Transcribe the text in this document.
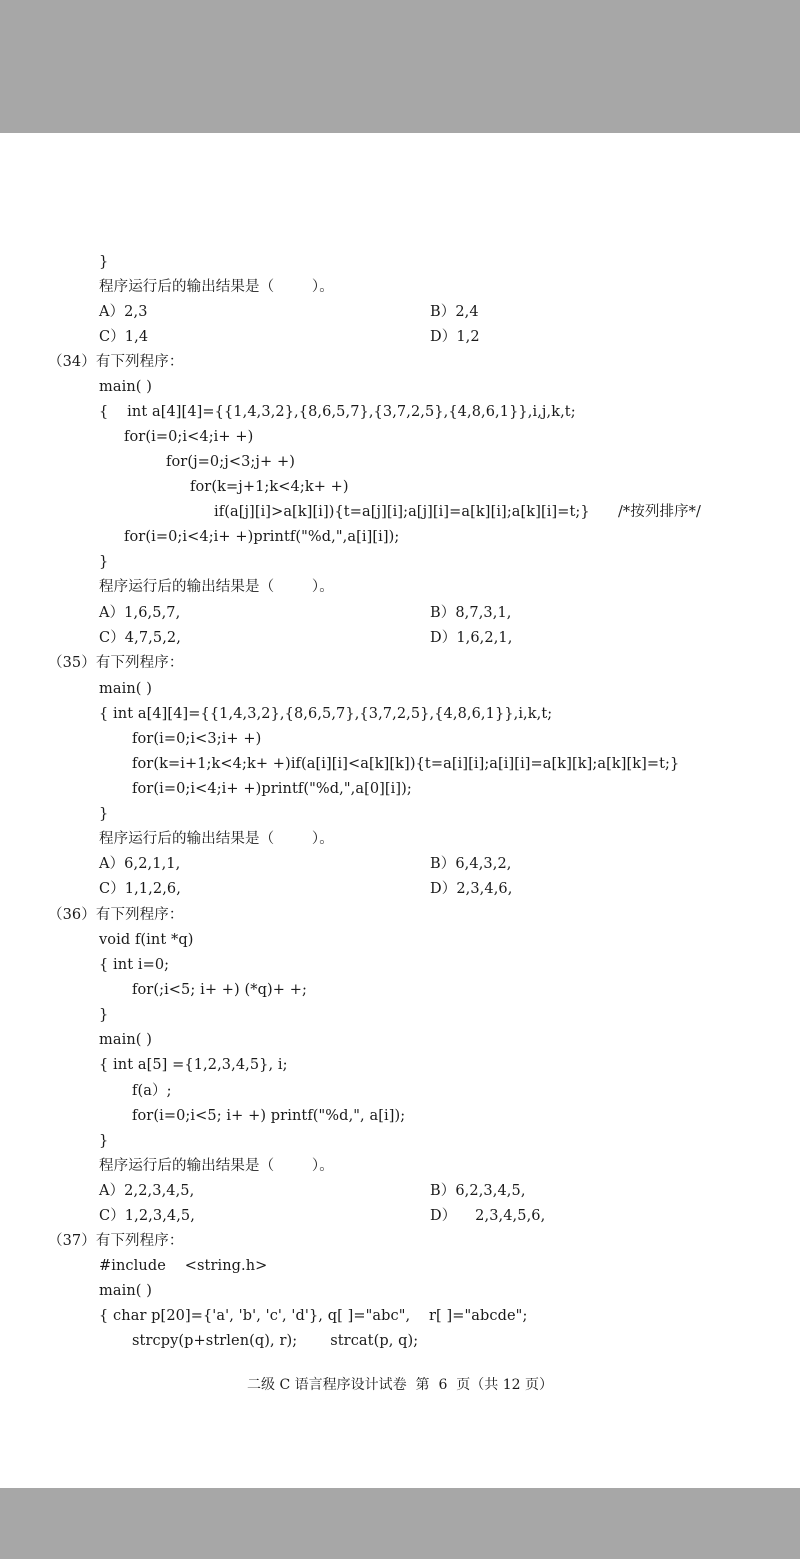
}
程序运行后的输出结果是（        ）。
A）2,3	B）2,4
C）1,4	D）1,2
（34）有下列程序：
main( )
{    int a[4][4]={{1,4,3,2},{8,6,5,7},{3,7,2,5},{4,8,6,1}},i,j,k,t;
for(i=0;i<4;i+ +)
for(j=0;j<3;j+ +)
for(k=j+1;k<4;k+ +)
if(a[j][i]>a[k][i]){t=a[j][i];a[j][i]=a[k][i];a[k][i]=t;}      /*按列排序*/
for(i=0;i<4;i+ +)printf("%d,",a[i][i]);
}
程序运行后的输出结果是（        ）。
A）1,6,5,7,	B）8,7,3,1,
C）4,7,5,2,	D）1,6,2,1,
（35）有下列程序：
main( )
{ int a[4][4]={{1,4,3,2},{8,6,5,7},{3,7,2,5},{4,8,6,1}},i,k,t;
for(i=0;i<3;i+ +)
for(k=i+1;k<4;k+ +)if(a[i][i]<a[k][k]){t=a[i][i];a[i][i]=a[k][k];a[k][k]=t;}
for(i=0;i<4;i+ +)printf("%d,",a[0][i]);
}
程序运行后的输出结果是（        ）。
A）6,2,1,1,	B）6,4,3,2,
C）1,1,2,6,	D）2,3,4,6,
（36）有下列程序：
void f(int *q)
{ int i=0;
for(;i<5; i+ +) (*q)+ +;
}
main( )
{ int a[5] ={1,2,3,4,5}, i;
f(a）;
for(i=0;i<5; i+ +) printf("%d,", a[i]);
}
程序运行后的输出结果是（        ）。
A）2,2,3,4,5,	B）6,2,3,4,5,
C）1,2,3,4,5,	D）    2,3,4,5,6,
（37）有下列程序：
#include    <string.h>
main( )
{ char p[20]={'a', 'b', 'c', 'd'}, q[ ]="abc",    r[ ]="abcde";
strcpy(p+strlen(q), r);       strcat(p, q);
二级 C 语言程序设计试卷  第  6  页（共 12 页）
